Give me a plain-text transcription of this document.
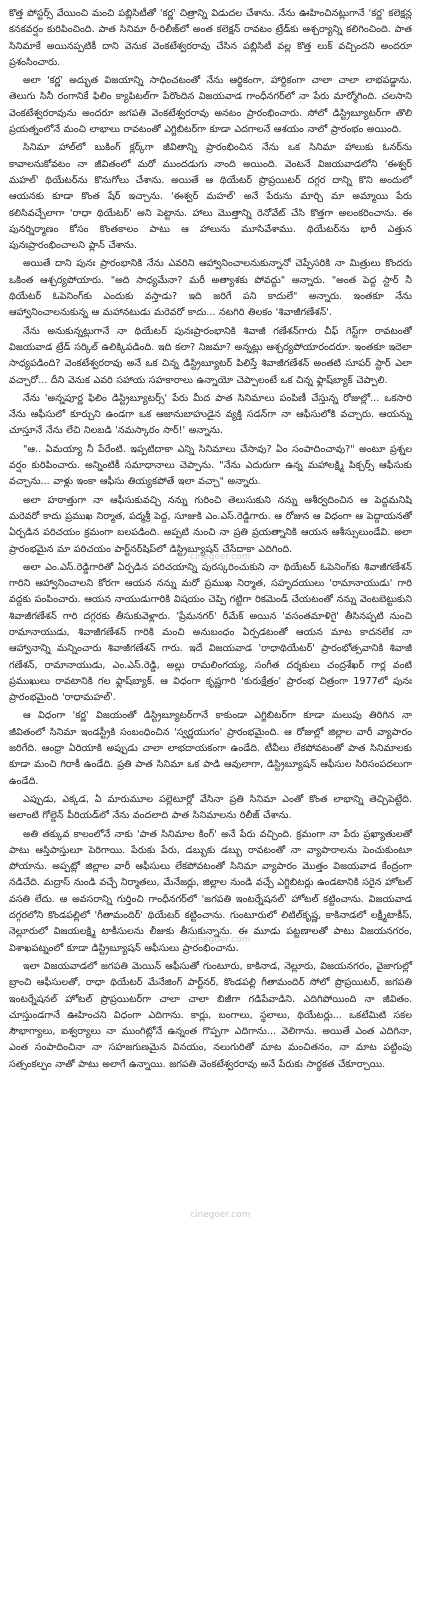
కొత్త పోస్టర్స్ వేయించి మంచి పబ్లిసిటీతో 'కర్ణ' చిత్రాన్ని విడుదల చేశాను. నేను ఊహించినట్లుగానే 'కర్ణ' కలెక్షన్ల కనకవర్షం కురిపించింది. పాత సినిమా రీ-రిలీజ్‌లో అంత కలెక్షన్ రావటం ట్రేడ్‌కు ఆశ్చర్యాన్ని కలిగించింది. పాత సినిమాకే అయినప్పటికీ దాని వెనుక వెంకటేశ్వరరావు చేసిన పబ్లిసిటీ వల్ల కొత్త లుక్ వచ్చిందని అందరూ ప్రశంసించారు.

అలా 'కర్ణ' అద్భుత విజయాన్ని సాధించటంతో నేను ఆర్థికంగా, హార్దికంగా చాలా చాలా లాభపడ్డాను. తెలుగు సినీ రంగానికే ఫిలిం క్యాపిటల్‌గా పేరొందిన విజయవాడ గాంధీనగర్‌లో నా పేరు మార్మోగింది. చలసాని వెంకటేశ్వరరావును అందరూ జగపతి వెంకటేశ్వరరావు అనటం ప్రారంభించారు. సోలో డిస్ట్రిబ్యూటర్‌గా తొలి ప్రయత్నంలోనే మంచి లాభాలు రావటంతో ఎగ్జిబిటర్‌గా కూడా ఎదగాలనే ఆశయం నాలో ప్రారంభం అయింది.

సినిమా హాల్‌లో బుకింగ్ క్లర్క్‌గా జీవితాన్ని ప్రారంభించిన నేను ఒక సినిమా హాలుకు ఓనర్‌ను కావాలనుకోవటం నా జీవితంలో మరో ముందడుగు నాంది అయింది. వెంటనే విజయవాడలోని 'ఈశ్వర్ మహల్' థియేటర్‌ను కొనుగోలు చేశాను. అయితే ఆ థియేటర్ ప్రొప్రయిటర్ దగ్గర దాన్ని కొని అందులో ఆయనకు కూడా కొంత షేర్ ఇచ్చాను. 'ఈశ్వర్ మహల్' అనే పేరును మార్చి మా అమ్మాయి పేరు కలిసివచ్చేలాగా 'రాధా థియేటర్' అని పెట్టాను. హాలు మొత్తాన్ని రెనోవేట్ చేసి కొత్తగా అలంకరించాను. ఈ పునర్నిర్మాణం కోసం కొంతకాలం పాటు ఆ హాలును మూసివేశాము. థియేటర్‌ను భారీ ఎత్తున పునఃప్రారంభించాలని ప్లాన్ చేశాను.

అయితే దాని పునః ప్రారంభానికి నేను ఎవరిని ఆహ్వానించాలనుకున్నానో చెప్పేసరికి నా మిత్రులు కొందరు ఒకింత ఆశ్చర్యపోయారు. "అది సాధ్యమేనా? మరీ అత్యాశకు పోవద్దు" అన్నారు. "అంత పెద్ద స్టార్ నీ థియేటర్ ఓపెనింగ్‌కు ఎందుకు వస్తాడు? ఇది జరిగే పని కాదులే" అన్నారు. ఇంతకూ నేను ఆహ్వానించాలనుకున్న ఆ మహానటుడు మరెవరో కాదు... నటగిరి తిలకం 'శివాజీగణేశన్'.

నేను అనుకున్నట్లుగానే నా థియేటర్ పునఃప్రారంభానికి శివాజీ గణేశన్‌గారు చీఫ్ గెస్ట్‌గా రావటంతో విజయవాడ ట్రేడ్ సర్కిల్ ఉలిక్కిపడింది. ఇది కలా? నిజమా? అన్నట్లు ఆశ్చర్యపోయారందరూ. ఇంతకూ ఇదెలా సాధ్యపడింది? వెంకటేశ్వరరావు అనే ఒక చిన్న డిస్ట్రిబ్యూటర్ పిలిస్తే శివాజీగణేశన్ అంతటి సూపర్ స్టార్ ఎలా వచ్చారో... దీని వెనుక ఎవరి సహాయ సహకారాలు ఉన్నాయో చెప్పాలంటే ఒక చిన్న ఫ్లాష్‌బ్యాక్ చెప్పాలి.

నేను 'అన్నపూర్ణ ఫిలిం డిస్ట్రిబ్యూటర్స్' పేరు మీద పాత సినిమాలు పంపిణీ చేస్తున్న రోజుల్లో... ఒకసారి నేను ఆఫీసులో కూర్చుని ఉండగా ఒక ఆజానుబాహుడైన వ్యక్తి సడన్‌గా నా ఆఫీసులోకి వచ్చారు. ఆయన్ను చూస్తూనే నేను లేచి నిలబడి 'నమస్కారం సార్!' అన్నాను.

"ఆ.. ఏమయ్యా నీ పేరేంటి. ఇప్పటిదాకా ఎన్ని సినిమాలు చేసావు? ఏం సంపాదించావు?" అంటూ ప్రశ్నల వర్షం కురిపించారు. అన్నింటికీ సమాధానాలు చెప్పాను. "నేను ఎదురుగా ఉన్న మహాలక్ష్మి పిక్చర్స్ ఆఫీసుకు వచ్చాను... వాళ్లు ఇంకా ఆఫీసు తియ్యకపోతే ఇలా వచ్చా" అన్నారు.

అలా హఠాత్తుగా నా ఆఫీసుకువచ్చి నన్ను గురించి తెలుసుకుని నన్ను ఆశీర్వదించిన ఆ పెద్దమనిషి మరెవరో కాదు ప్రముఖ నిర్మాత, పద్మశ్రీ పెద్ద, సూజుకి ఎం.ఎస్.రెడ్డిగారు. ఆ రోజున ఆ విధంగా ఆ పెద్దాయనతో ఏర్పడిన పరిచయం క్రమంగా బలపడింది. అప్పటి నుంచి నా ప్రతి ప్రయత్నానికి ఆయన ఆశీస్సులుండేవి. అలా ప్రారంభమైన మా పరిచయం పార్ట్‌నర్‌షిప్‌లో డిస్ట్రిబ్యూషన్ చేసేదాకా ఎదిగింది.

అలా ఎం.ఎస్.రెడ్డిగారితో ఏర్పడిన పరిచయాన్ని పురస్కరించుకుని నా థియేటర్ ఓపెనింగ్‌కు శివాజీగణేశన్ గారిని ఆహ్వానించాలని కోరగా ఆయన నన్ను మరో ప్రముఖ నిర్మాత, సహృదయులు 'రామానాయుడు' గారి వద్దకు పంపించారు. ఆయన నాయుడుగారికి విషయం చెప్పి గట్టిగా రికమెండ్ చేయటంతో నన్ను వెంటబెట్టుకుని శివాజీగణేశన్ గారి దగ్గరకు తీసుకువెళ్లారు. 'ప్రేమనగర్' రీమేక్ అయిన 'వసంతమాళిగై' తీసినప్పటి నుంచి రామానాయుడు, శివాజీగణేశన్ గారికి మంచి అనుబంధం ఏర్పడటంతో ఆయన మాట కాదనలేక నా ఆహ్వానాన్ని మన్నించారు శివాజీగణేశన్ గారు. ఇదే విజయవాడ 'రాధాథియేటర్' ప్రారంభోత్సవానికి శివాజీ గణేశన్, రామానాయుడు, ఎం.ఎస్.రెడ్డి, అల్లు రామలింగయ్య, సంగీత దర్శకులు చంద్రశేఖర్ గార్ల వంటి ప్రముఖులు రావటానికి గల ఫ్లాష్‌బ్యాక్. ఆ విధంగా కృష్ణగారి 'కురుక్షేత్రం' ప్రారంభ చిత్రంగా 1977లో పునః ప్రారంభమైంది 'రాధామహల్'.

ఆ విధంగా 'కర్ణ' విజయంతో డిస్ట్రిబ్యూటర్‌గానే కాకుండా ఎగ్జిబిటర్‌గా కూడా మలుపు తిరిగిన నా జీవితంలో సినిమా ఇండస్ట్రీకి సంబంధించిన 'స్వర్ణయుగం' ప్రారంభమైంది. ఆ రోజుల్లో జిల్లాల వారీ వ్యాపారం జరిగేది. ఆంధ్రా ఏరియాకి అప్పుడు చాలా లాభదాయకంగా ఉండేది. టీవీలు లేకపోవటంతో పాత సినిమాలకు కూడా మంచి గిరాకీ ఉండేది. ప్రతి పాత సినిమా ఒక పాడి ఆవులాగా, డిస్ట్రిబ్యూషన్ ఆఫీసుల సిరిసంపదలుగా ఉండేది.

ఎప్పుడు, ఎక్కడ, ఏ మారుమూల పల్లెటూర్లో వేసినా ప్రతి సినిమా ఎంతో కొంత లాభాన్ని తెచ్చిపెట్టేది. అలాంటి గోల్డెన్ పీరియడ్‌లో నేను వందలాది పాత సినిమాలను రిలీజ్ చేశాను.

అతి తక్కువ కాలంలోనే నాకు 'పాత సినిమాల కింగ్' అనే పేరు వచ్చింది. క్రమంగా నా పేరు ప్రఖ్యాతులతో పాటు ఆస్తిపాస్తులూ పెరిగాయి. పేరుకు పేరు, డబ్బుకు డబ్బు రావటంతో నా వ్యాపారాలను పెంచుకుంటూ పోయాను. అప్పట్లో జిల్లాల వారీ ఆఫీసులు లేకపోవటంతో సినిమా వ్యాపారం మొత్తం విజయవాడ కేంద్రంగా నడిచేది. మద్రాస్ నుండి వచ్చే నిర్మాతలు, మేనేజర్లు, జిల్లాల నుండి వచ్చే ఎగ్జిబిటర్లు ఉండటానికి సరైన హోటల్ వసతి లేదు. ఆ అవసరాన్ని గుర్తించి గాంధీనగర్‌లో 'జగపతి ఇంటర్నేషనల్' హోటల్ కట్టించాను. విజయవాడ దగ్గరలోని కొండపల్లిలో 'గీతామందిర్' థియేటర్ కట్టించాను. గుంటూరులో లిటిల్‌కృష్ణ, కాకినాడలో లక్ష్మీటాకీస్, నెల్లూరులో విజయలక్ష్మి టాకీసులను లీజుకు తీసుకున్నాను. ఈ మూడు పట్టణాలతో పాటు విజయనగరం, విశాఖపట్నంలో కూడా డిస్ట్రిబ్యూషన్ ఆఫీసులు ప్రారంభించాను.

ఇలా విజయవాడలో జగపతి మెయిన్ ఆఫీసుతో గుంటూరు, కాకినాడ, నెల్లూరు, విజయనగరం, వైజాగుల్లో బ్రాంచి ఆఫీసులతో, రాధా థియేటర్ మేనేజింగ్ పార్ట్‌నర్, కొండపల్లి గీతామందిర్ సోలో ప్రొప్రయిటర్, జగపతి ఇంటర్నేషనల్ హోటల్ ప్రొప్రయిటర్‌గా చాలా చాలా బిజీగా గడిపేవాడిని. ఎదిగిపోయింది నా జీవితం. చూస్తుండగానే ఊహించని విధంగా ఎదిగాను. కార్లు, బంగాలు, స్థలాలు, థియేటర్లు... ఒకటేమిటి సకల సౌభాగ్యాలు, ఐశ్వర్యాలు నా ముంగిట్లోనే ఉన్నంత గొప్పగా ఎదిగాను... వెలిగాను. అయితే ఎంత ఎదిగినా, ఎంత సంపాదించినా నా సహజగుణమైన వినయం, నలుగురితో మాట మంచితనం, నా మాట పట్టింపు సత్సంకల్పం నాతో పాటు అలాగే ఉన్నాయి. జగపతి వెంకటేశ్వరరావు అనే పేరుకు సార్థకత చేకూర్చాయి.

cinegoer.com
cinegoer.com
cinegoer.com
